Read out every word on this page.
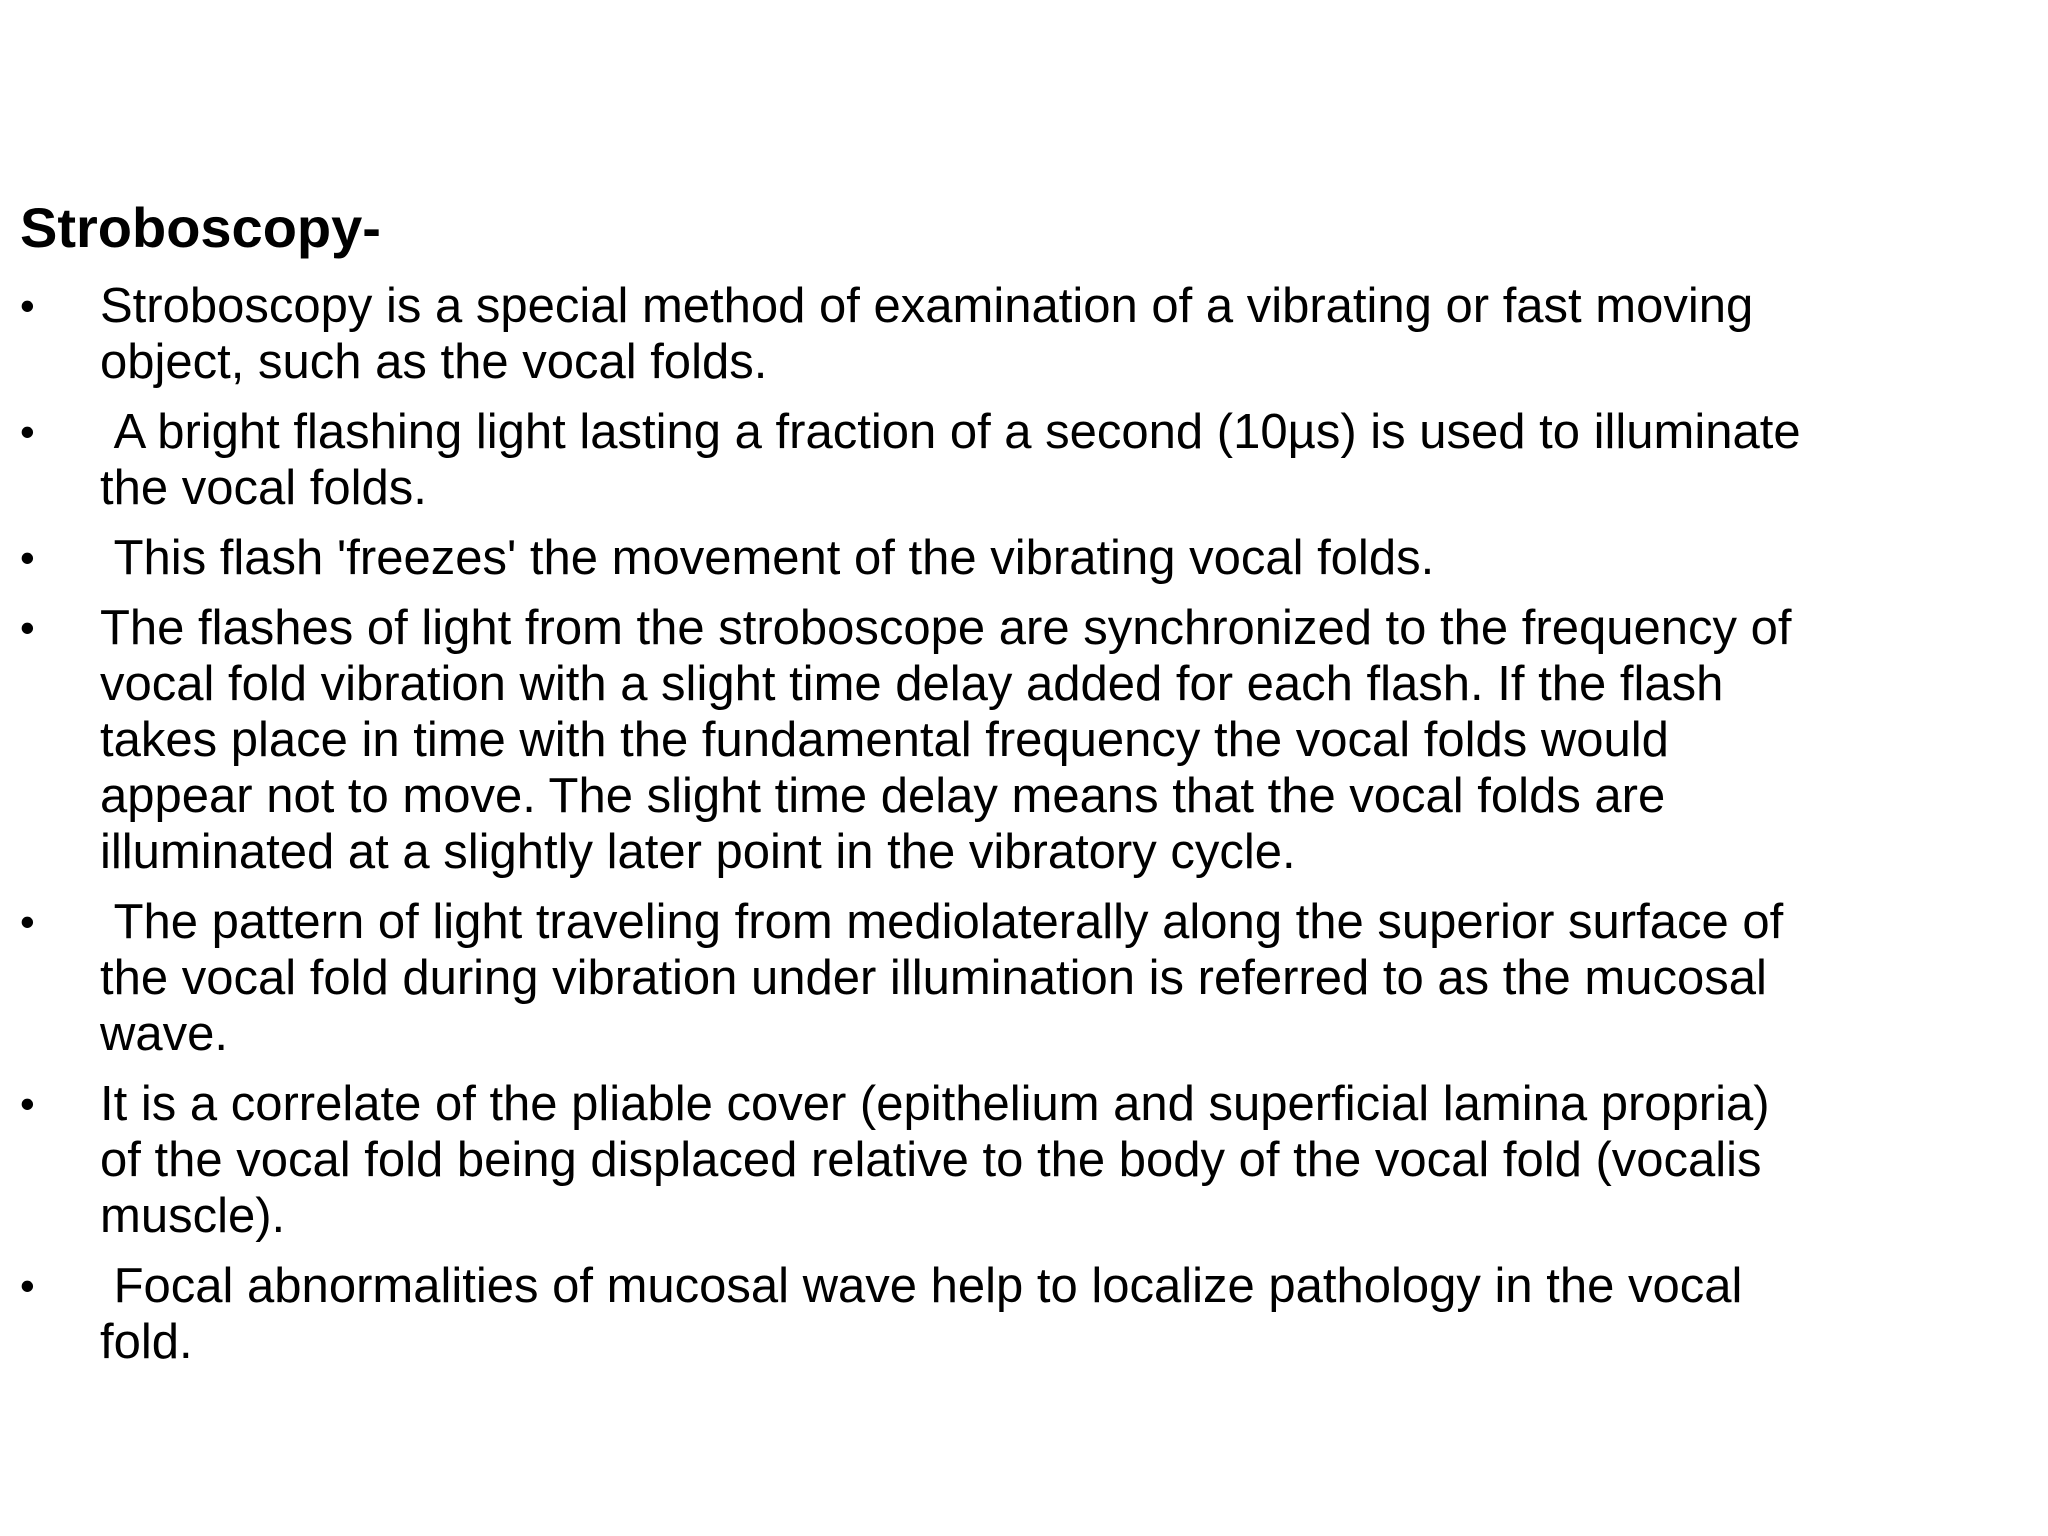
Stroboscopy-
•	Stroboscopy is a special method of examination of a vibrating or fast moving object, such as the vocal folds.
•	A bright flashing light lasting a fraction of a second (10µs) is used to illuminate the vocal folds.
•	This flash 'freezes' the movement of the vibrating vocal folds.
•	The flashes of light from the stroboscope are synchronized to the frequency of vocal fold vibration with a slight time delay added for each flash. If the flash takes place in time with the fundamental frequency the vocal folds would appear not to move. The slight time delay means that the vocal folds are illuminated at a slightly later point in the vibratory cycle.
•	The pattern of light traveling from mediolaterally along the superior surface of the vocal fold during vibration under illumination is referred to as the mucosal wave.
•	It is a correlate of the pliable cover (epithelium and superficial lamina propria) of the vocal fold being displaced relative to the body of the vocal fold (vocalis muscle).
•	Focal abnormalities of mucosal wave help to localize pathology in the vocal fold.
